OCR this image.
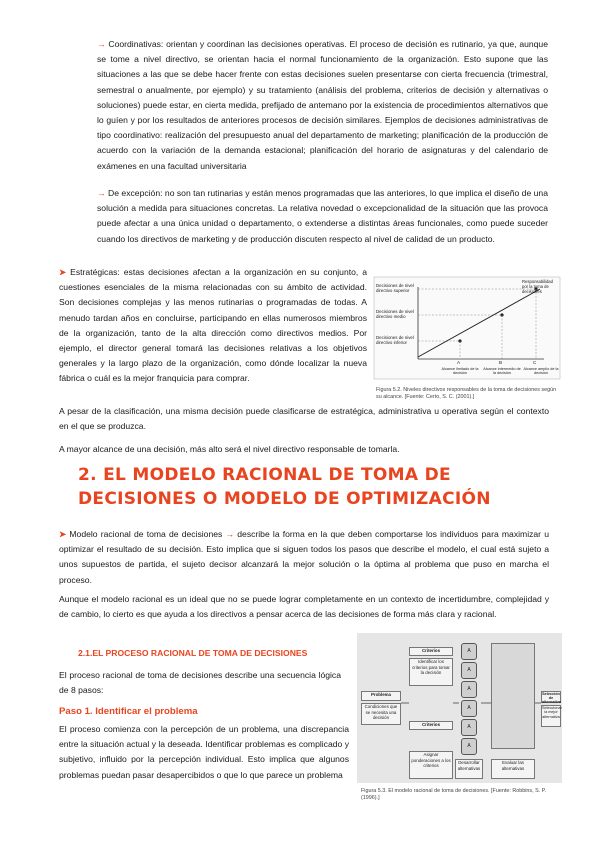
→ Coordinativas: orientan y coordinan las decisiones operativas. El proceso de decisión es rutinario, ya que, aunque se tome a nivel directivo, se orientan hacia el normal funcionamiento de la organización. Esto supone que las situaciones a las que se debe hacer frente con estas decisiones suelen presentarse con cierta frecuencia (trimestral, semestral o anualmente, por ejemplo) y su tratamiento (análisis del problema, criterios de decisión y alternativas o soluciones) puede estar, en cierta medida, prefijado de antemano por la existencia de procedimientos alternativos que lo guíen y por los resultados de anteriores procesos de decisión similares. Ejemplos de decisiones administrativas de tipo coordinativo: realización del presupuesto anual del departamento de marketing; planificación de la producción de acuerdo con la variación de la demanda estacional; planificación del horario de asignaturas y del calendario de exámenes en una facultad universitaria

→ De excepción: no son tan rutinarias y están menos programadas que las anteriores, lo que implica el diseño de una solución a medida para situaciones concretas. La relativa novedad o excepcionalidad de la situación que las provoca puede afectar a una única unidad o departamento, o extenderse a distintas áreas funcionales, como puede suceder cuando los directivos de marketing y de producción discuten respecto al nivel de calidad de un producto.

➤ Estratégicas: estas decisiones afectan a la organización en su conjunto, a cuestiones esenciales de la misma relacionadas con su ámbito de actividad. Son decisiones complejas y las menos rutinarias o programadas de todas. A menudo tardan años en concluirse, participando en ellas numerosos miembros de la organización, tanto de la alta dirección como directivos medios. Por ejemplo, el director general tomará las decisiones relativas a los objetivos generales y la largo plazo de la organización, como dónde localizar la nueva fábrica o cuál es la mejor franquicia para comprar.

Decisiones de nivel directivo superior
Decisiones de nivel directivo medio
Decisiones de nivel directivo inferior
Responsabilidad por la toma de decisiones
A	B	C
Alcance limitado de la decisión
Alcance intermedio de la decisión
Alcance amplio de la decisión
Figura 5.2. Niveles directivos responsables de la toma de decisiones según su alcance. [Fuente: Certo, S. C. (2001).]

A pesar de la clasificación, una misma decisión puede clasificarse de estratégica, administrativa u operativa según el contexto en el que se produzca.

A mayor alcance de una decisión, más alto será el nivel directivo responsable de tomarla.

2. EL MODELO RACIONAL DE TOMA DE DECISIONES O MODELO DE OPTIMIZACIÓN

➤ Modelo racional de toma de decisiones → describe la forma en la que deben comportarse los individuos para maximizar u optimizar el resultado de su decisión. Esto implica que si siguen todos los pasos que describe el modelo, el cual está sujeto a unos supuestos de partida, el sujeto decisor alcanzará la mejor solución o la óptima al problema que puso en marcha el proceso.

Aunque el modelo racional es un ideal que no se puede lograr completamente en un contexto de incertidumbre, complejidad y de cambio, lo cierto es que ayuda a los directivos a pensar acerca de las decisiones de forma más clara y racional.

2.1.EL PROCESO RACIONAL DE TOMA DE DECISIONES

El proceso racional de toma de decisiones describe una secuencia lógica de 8 pasos:

Paso 1. Identificar el problema

El proceso comienza con la percepción de un problema, una discrepancia entre la situación actual y la deseada. Identificar problemas es complicado y subjetivo, influido por la percepción individual. Esto implica que algunos problemas puedan pasar desapercibidos o que lo que parece un problema

Problema
Condiciones que se necesita una decisión
Criterios
Identificar los criterios para tomar la decisión
Criterios
Asignar ponderaciones a los criterios
A
A
A
A
A
A
Desarrollar alternativas
Evaluar las alternativas
Selección de alternativa
Seleccionar la mejor alternativa
Figura 5.3. El modelo racional de toma de decisiones. [Fuente: Robbins, S. P. (1996).]
